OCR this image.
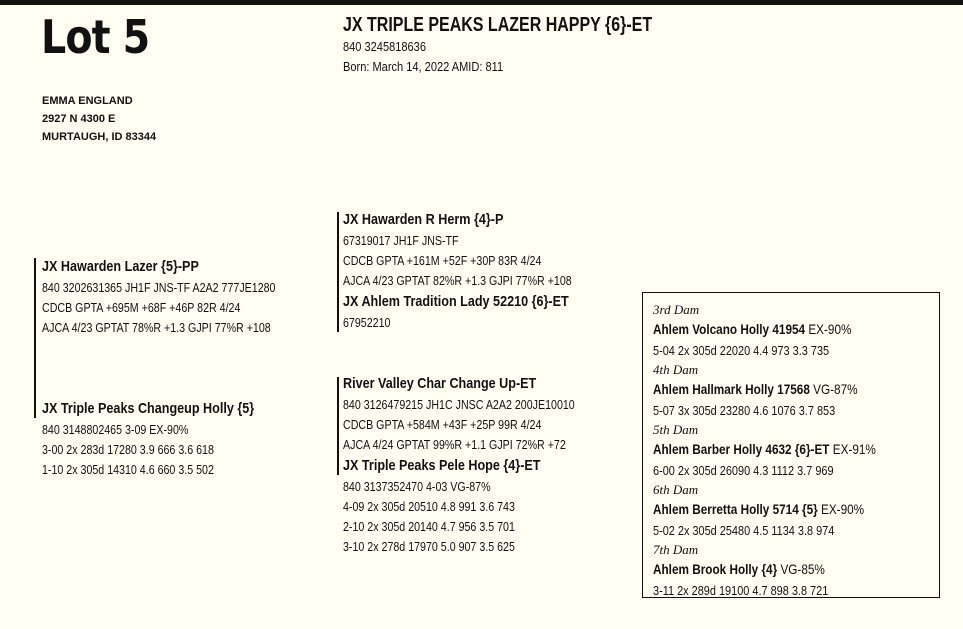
Lot 5
EMMA ENGLAND
2927 N 4300 E
MURTAUGH, ID 83344
JX TRIPLE PEAKS LAZER HAPPY {6}-ET
840 3245818636
Born: March 14, 2022 AMID: 811
JX Hawarden Lazer {5}-PP
840 3202631365 JH1F JNS-TF A2A2 777JE1280
CDCB GPTA +695M +68F +46P 82R 4/24
AJCA 4/23 GPTAT 78%R +1.3 GJPI 77%R +108
JX Triple Peaks Changeup Holly {5}
840 3148802465 3-09 EX-90%
3-00 2x 283d 17280 3.9 666 3.6 618
1-10 2x 305d 14310 4.6 660 3.5 502
JX Hawarden R Herm {4}-P
67319017 JH1F JNS-TF
CDCB GPTA +161M +52F +30P 83R 4/24
AJCA 4/23 GPTAT 82%R +1.3 GJPI 77%R +108
JX Ahlem Tradition Lady 52210 {6}-ET
67952210
River Valley Char Change Up-ET
840 3126479215 JH1C JNSC A2A2 200JE10010
CDCB GPTA +584M +43F +25P 99R 4/24
AJCA 4/24 GPTAT 99%R +1.1 GJPI 72%R +72
JX Triple Peaks Pele Hope {4}-ET
840 3137352470 4-03 VG-87%
4-09 2x 305d 20510 4.8 991 3.6 743
2-10 2x 305d 20140 4.7 956 3.5 701
3-10 2x 278d 17970 5.0 907 3.5 625
3rd Dam
Ahlem Volcano Holly 41954 EX-90%
5-04 2x 305d 22020 4.4 973 3.3 735
4th Dam
Ahlem Hallmark Holly 17568 VG-87%
5-07 3x 305d 23280 4.6 1076 3.7 853
5th Dam
Ahlem Barber Holly 4632 {6}-ET EX-91%
6-00 2x 305d 26090 4.3 1112 3.7 969
6th Dam
Ahlem Berretta Holly 5714 {5} EX-90%
5-02 2x 305d 25480 4.5 1134 3.8 974
7th Dam
Ahlem Brook Holly {4} VG-85%
3-11 2x 289d 19100 4.7 898 3.8 721
